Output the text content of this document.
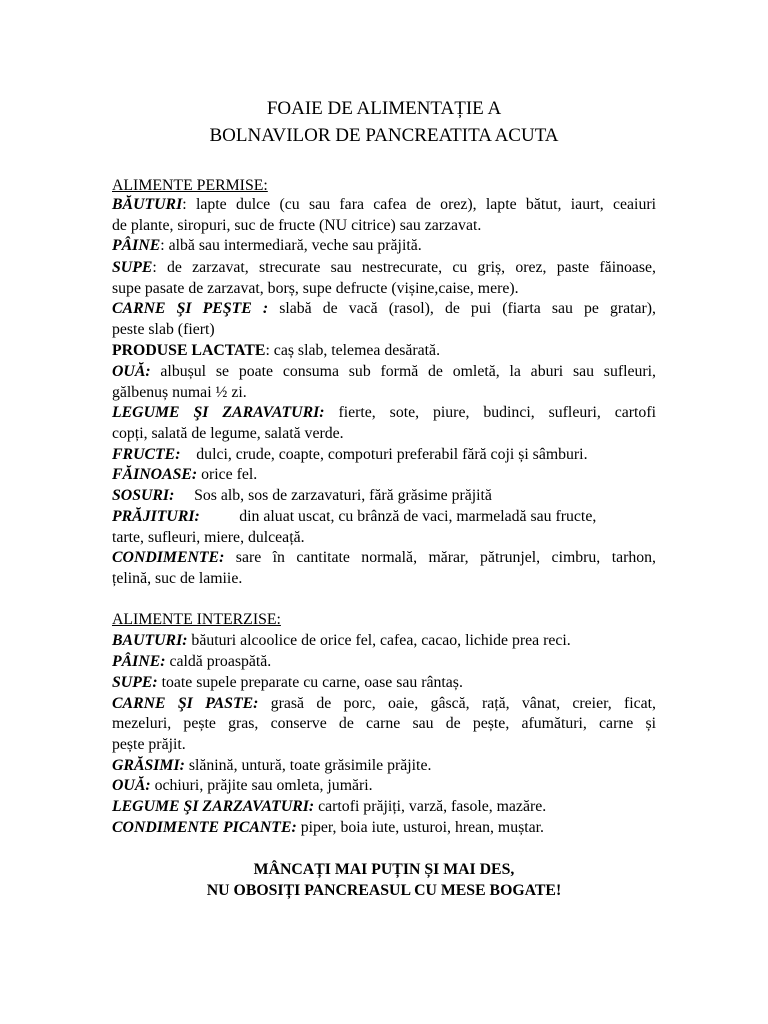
FOAIE DE ALIMENTAȚIE A
BOLNAVILOR DE PANCREATITA ACUTA
ALIMENTE PERMISE:
BĂUTURI: lapte dulce (cu sau fara cafea de orez), lapte bătut, iaurt, ceaiuri
de plante, siropuri, suc de fructe (NU citrice) sau zarzavat.
PÂINE: albă sau intermediară, veche sau prăjită.
SUPE: de zarzavat, strecurate sau nestrecurate, cu griș, orez, paste făinoase,
supe pasate de zarzavat, borș, supe defructe (vișine,caise, mere).
CARNE ŞI PEŞTE : slabă de vacă (rasol), de pui (fiarta sau pe gratar),
peste slab (fiert)
PRODUSE LACTATE: caș slab, telemea desărată.
OUĂ: albușul se poate consuma sub formă de omletă, la aburi sau sufleuri,
gălbenuș numai ½ zi.
LEGUME ŞI ZARAVATURI: fierte, sote, piure, budinci, sufleuri, cartofi
copți, salată de legume, salată verde.
FRUCTE:    dulci, crude, coapte, compoturi preferabil fără coji și sâmburi.
FĂINOASE: orice fel.
SOSURI:     Sos alb, sos de zarzavaturi, fără grăsime prăjită
PRĂJITURI:          din aluat uscat, cu brânză de vaci, marmeladă sau fructe,
tarte, sufleuri, miere, dulceață.
CONDIMENTE: sare în cantitate normală, mărar, pătrunjel, cimbru, tarhon,
țelină, suc de lamiie.
ALIMENTE INTERZISE:
BAUTURI: băuturi alcoolice de orice fel, cafea, cacao, lichide prea reci.
PÂINE: caldă proaspătă.
SUPE: toate supele preparate cu carne, oase sau rântaș.
CARNE ŞI PASTE: grasă de porc, oaie, gâscă, rață, vânat, creier, ficat,
mezeluri, pește gras, conserve de carne sau de pește, afumături, carne și
pește prăjit.
GRĂSIMI: slănină, untură, toate grăsimile prăjite.
OUĂ: ochiuri, prăjite sau omleta, jumări.
LEGUME ŞI ZARZAVATURI: cartofi prăjiți, varză, fasole, mazăre.
CONDIMENTE PICANTE: piper, boia iute, usturoi, hrean, muștar.
MÂNCAȚI MAI PUȚIN ȘI MAI DES,
NU OBOSIȚI PANCREASUL CU MESE BOGATE!
